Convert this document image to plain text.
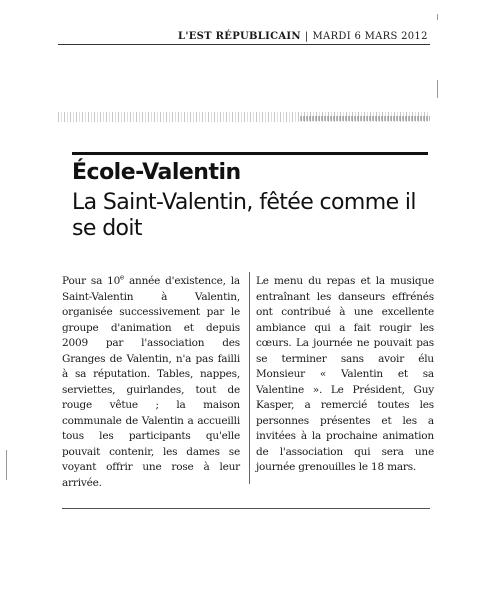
L'EST RÉPUBLICAIN | MARDI 6 MARS 2012
École-Valentin
La Saint-Valentin, fêtée comme il se doit
Pour sa 10e année d'existence, la Saint-Valentin à Valentin, organisée successivement par le groupe d'animation et depuis 2009 par l'association des Granges de Valentin, n'a pas failli à sa réputation. Tables, nappes, serviettes, guirlandes, tout de rouge vêtue ; la maison communale de Valentin a accueilli tous les participants qu'elle pouvait contenir, les dames se voyant offrir une rose à leur arrivée.
Le menu du repas et la musique entraînant les danseurs effrénés ont contribué à une excellente ambiance qui a fait rougir les cœurs. La journée ne pouvait pas se terminer sans avoir élu Monsieur « Valentin et sa Valentine ». Le Président, Guy Kasper, a remercié toutes les personnes présentes et les a invitées à la prochaine animation de l'association qui sera une journée grenouilles le 18 mars.
